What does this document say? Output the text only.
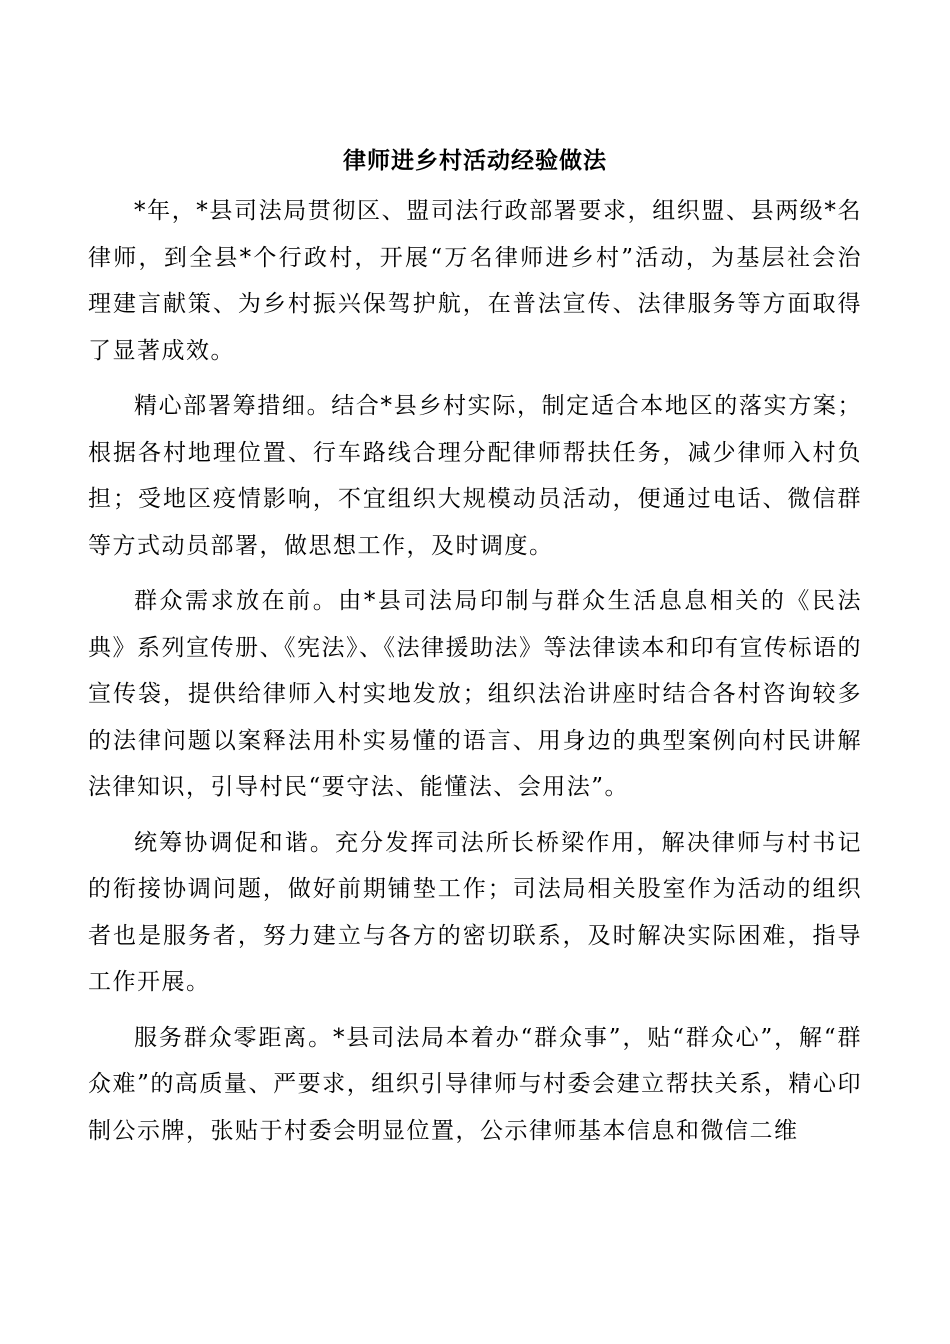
律师进乡村活动经验做法

*年，*县司法局贯彻区、盟司法行政部署要求，组织盟、县两级*名律师，到全县*个行政村，开展“万名律师进乡村”活动，为基层社会治理建言献策、为乡村振兴保驾护航，在普法宣传、法律服务等方面取得了显著成效。

精心部署筹措细。结合*县乡村实际，制定适合本地区的落实方案；根据各村地理位置、行车路线合理分配律师帮扶任务，减少律师入村负担；受地区疫情影响，不宜组织大规模动员活动，便通过电话、微信群等方式动员部署，做思想工作，及时调度。

群众需求放在前。由*县司法局印制与群众生活息息相关的《民法典》系列宣传册、《宪法》、《法律援助法》等法律读本和印有宣传标语的宣传袋，提供给律师入村实地发放；组织法治讲座时结合各村咨询较多的法律问题以案释法用朴实易懂的语言、用身边的典型案例向村民讲解法律知识，引导村民“要守法、能懂法、会用法”。

统筹协调促和谐。充分发挥司法所长桥梁作用，解决律师与村书记的衔接协调问题，做好前期铺垫工作；司法局相关股室作为活动的组织者也是服务者，努力建立与各方的密切联系，及时解决实际困难，指导工作开展。

服务群众零距离。*县司法局本着办“群众事”，贴“群众心”，解“群众难”的高质量、严要求，组织引导律师与村委会建立帮扶关系，精心印制公示牌，张贴于村委会明显位置，公示律师基本信息和微信二维
